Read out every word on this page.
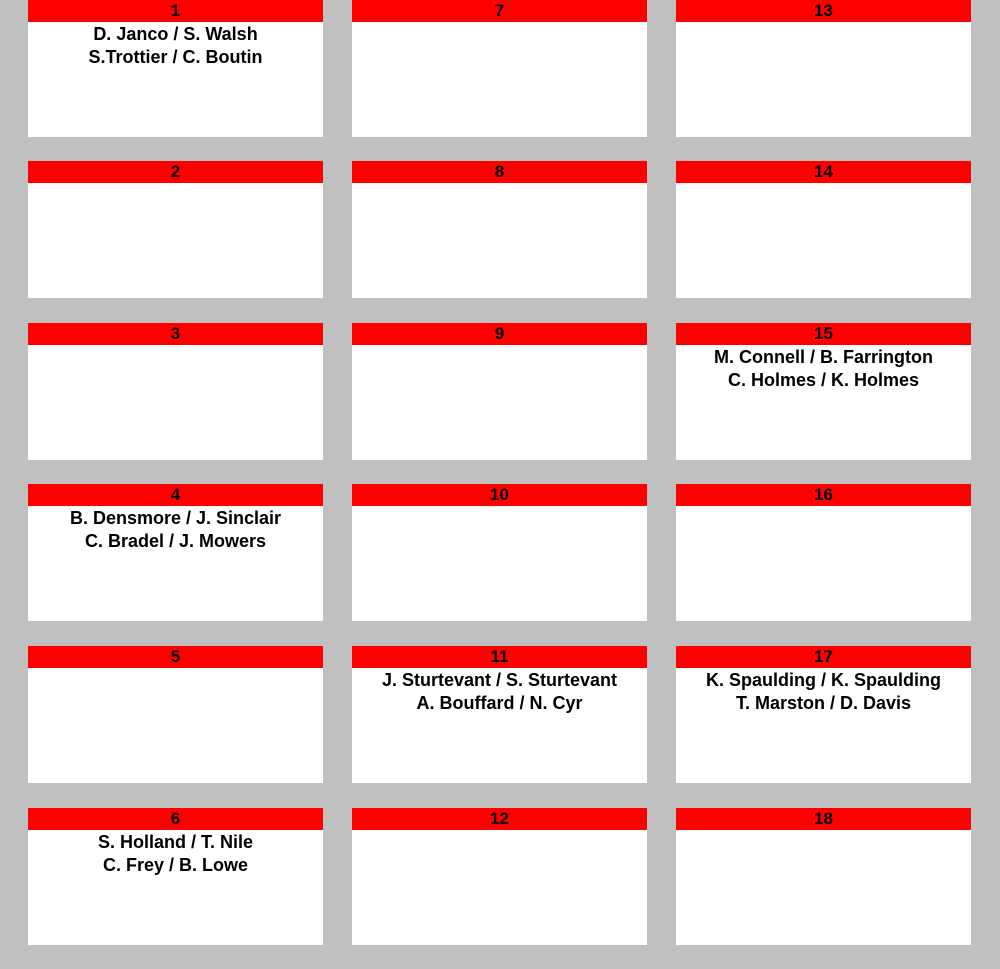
1
D. Janco / S. Walsh
S.Trottier / C. Boutin
2
3
4
B. Densmore / J. Sinclair
C. Bradel / J. Mowers
5
6
S. Holland / T. Nile
C. Frey / B. Lowe
7
8
9
10
11
J. Sturtevant / S. Sturtevant
A. Bouffard / N. Cyr
12
13
14
15
M. Connell / B. Farrington
C. Holmes / K. Holmes
16
17
K. Spaulding / K. Spaulding
T. Marston / D. Davis
18
